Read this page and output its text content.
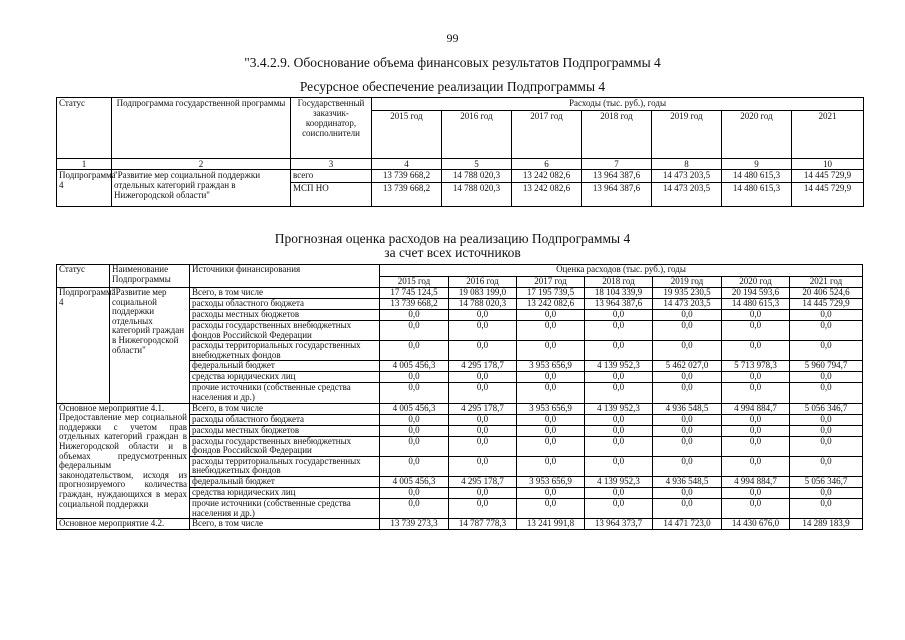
99
"3.4.2.9. Обоснование объема финансовых результатов Подпрограммы 4
Ресурсное обеспечение реализации Подпрограммы 4
Статус	Подпрограмма государственной программы	Государственный заказчик-координатор, соисполнители	Расходы (тыс. руб.), годы						
			2015 год	2016 год	2017 год	2018 год	2019 год	2020 год	2021
1	2	3	4	5	6	7	8	9	10
Подпрограмма 4	"Развитие мер социальной поддержки отдельных категорий граждан в Нижегородской области"	всего	13 739 668,2	14 788 020,3	13 242 082,6	13 964 387,6	14 473 203,5	14 480 615,3	14 445 729,9
		МСП НО	13 739 668,2	14 788 020,3	13 242 082,6	13 964 387,6	14 473 203,5	14 480 615,3	14 445 729,9
Прогнозная оценка расходов на реализацию Подпрограммы 4
за счет всех источников
Статус	Наименование Подпрограммы	Источники финансирования	Оценка расходов (тыс. руб.), годы						
			2015 год	2016 год	2017 год	2018 год	2019 год	2020 год	2021 год
Подпрограмма 4	"Развитие мер социальной поддержки отдельных категорий граждан в Нижегородской области"	Всего, в том числе	17 745 124,5	19 083 199,0	17 195 739,5	18 104 339,9	19 935 230,5	20 194 593,6	20 406 524,6
		расходы областного бюджета	13 739 668,2	14 788 020,3	13 242 082,6	13 964 387,6	14 473 203,5	14 480 615,3	14 445 729,9
		расходы местных бюджетов	0,0	0,0	0,0	0,0	0,0	0,0	0,0
		расходы государственных внебюджетных фондов Российской Федерации	0,0	0,0	0,0	0,0	0,0	0,0	0,0
		расходы территориальных государственных внебюджетных фондов	0,0	0,0	0,0	0,0	0,0	0,0	0,0
		федеральный бюджет	4 005 456,3	4 295 178,7	3 953 656,9	4 139 952,3	5 462 027,0	5 713 978,3	5 960 794,7
		средства юридических лиц	0,0	0,0	0,0	0,0	0,0	0,0	0,0
		прочие источники (собственные средства населения и др.)	0,0	0,0	0,0	0,0	0,0	0,0	0,0

Основное мероприятие 4.1.
Предоставление мер социальной поддержки с учетом прав отдельных категорий граждан в Нижегородской области и в объемах предусмотренных федеральным законодательством, исходя из прогнозируемого количества граждан, нуждающихся в мерах социальной поддержки		Всего, в том числе	4 005 456,3	4 295 178,7	3 953 656,9	4 139 952,3	4 936 548,5	4 994 884,7	5 056 346,7
		расходы областного бюджета	0,0	0,0	0,0	0,0	0,0	0,0	0,0
		расходы местных бюджетов	0,0	0,0	0,0	0,0	0,0	0,0	0,0
		расходы государственных внебюджетных фондов Российской Федерации	0,0	0,0	0,0	0,0	0,0	0,0	0,0
		расходы территориальных государственных внебюджетных фондов	0,0	0,0	0,0	0,0	0,0	0,0	0,0
		федеральный бюджет	4 005 456,3	4 295 178,7	3 953 656,9	4 139 952,3	4 936 548,5	4 994 884,7	5 056 346,7
		средства юридических лиц	0,0	0,0	0,0	0,0	0,0	0,0	0,0
		прочие источники (собственные средства населения и др.)	0,0	0,0	0,0	0,0	0,0	0,0	0,0
Основное мероприятие 4.2.		Всего, в том числе	13 739 273,3	14 787 778,3	13 241 991,8	13 964 373,7	14 471 723,0	14 430 676,0	14 289 183,9
